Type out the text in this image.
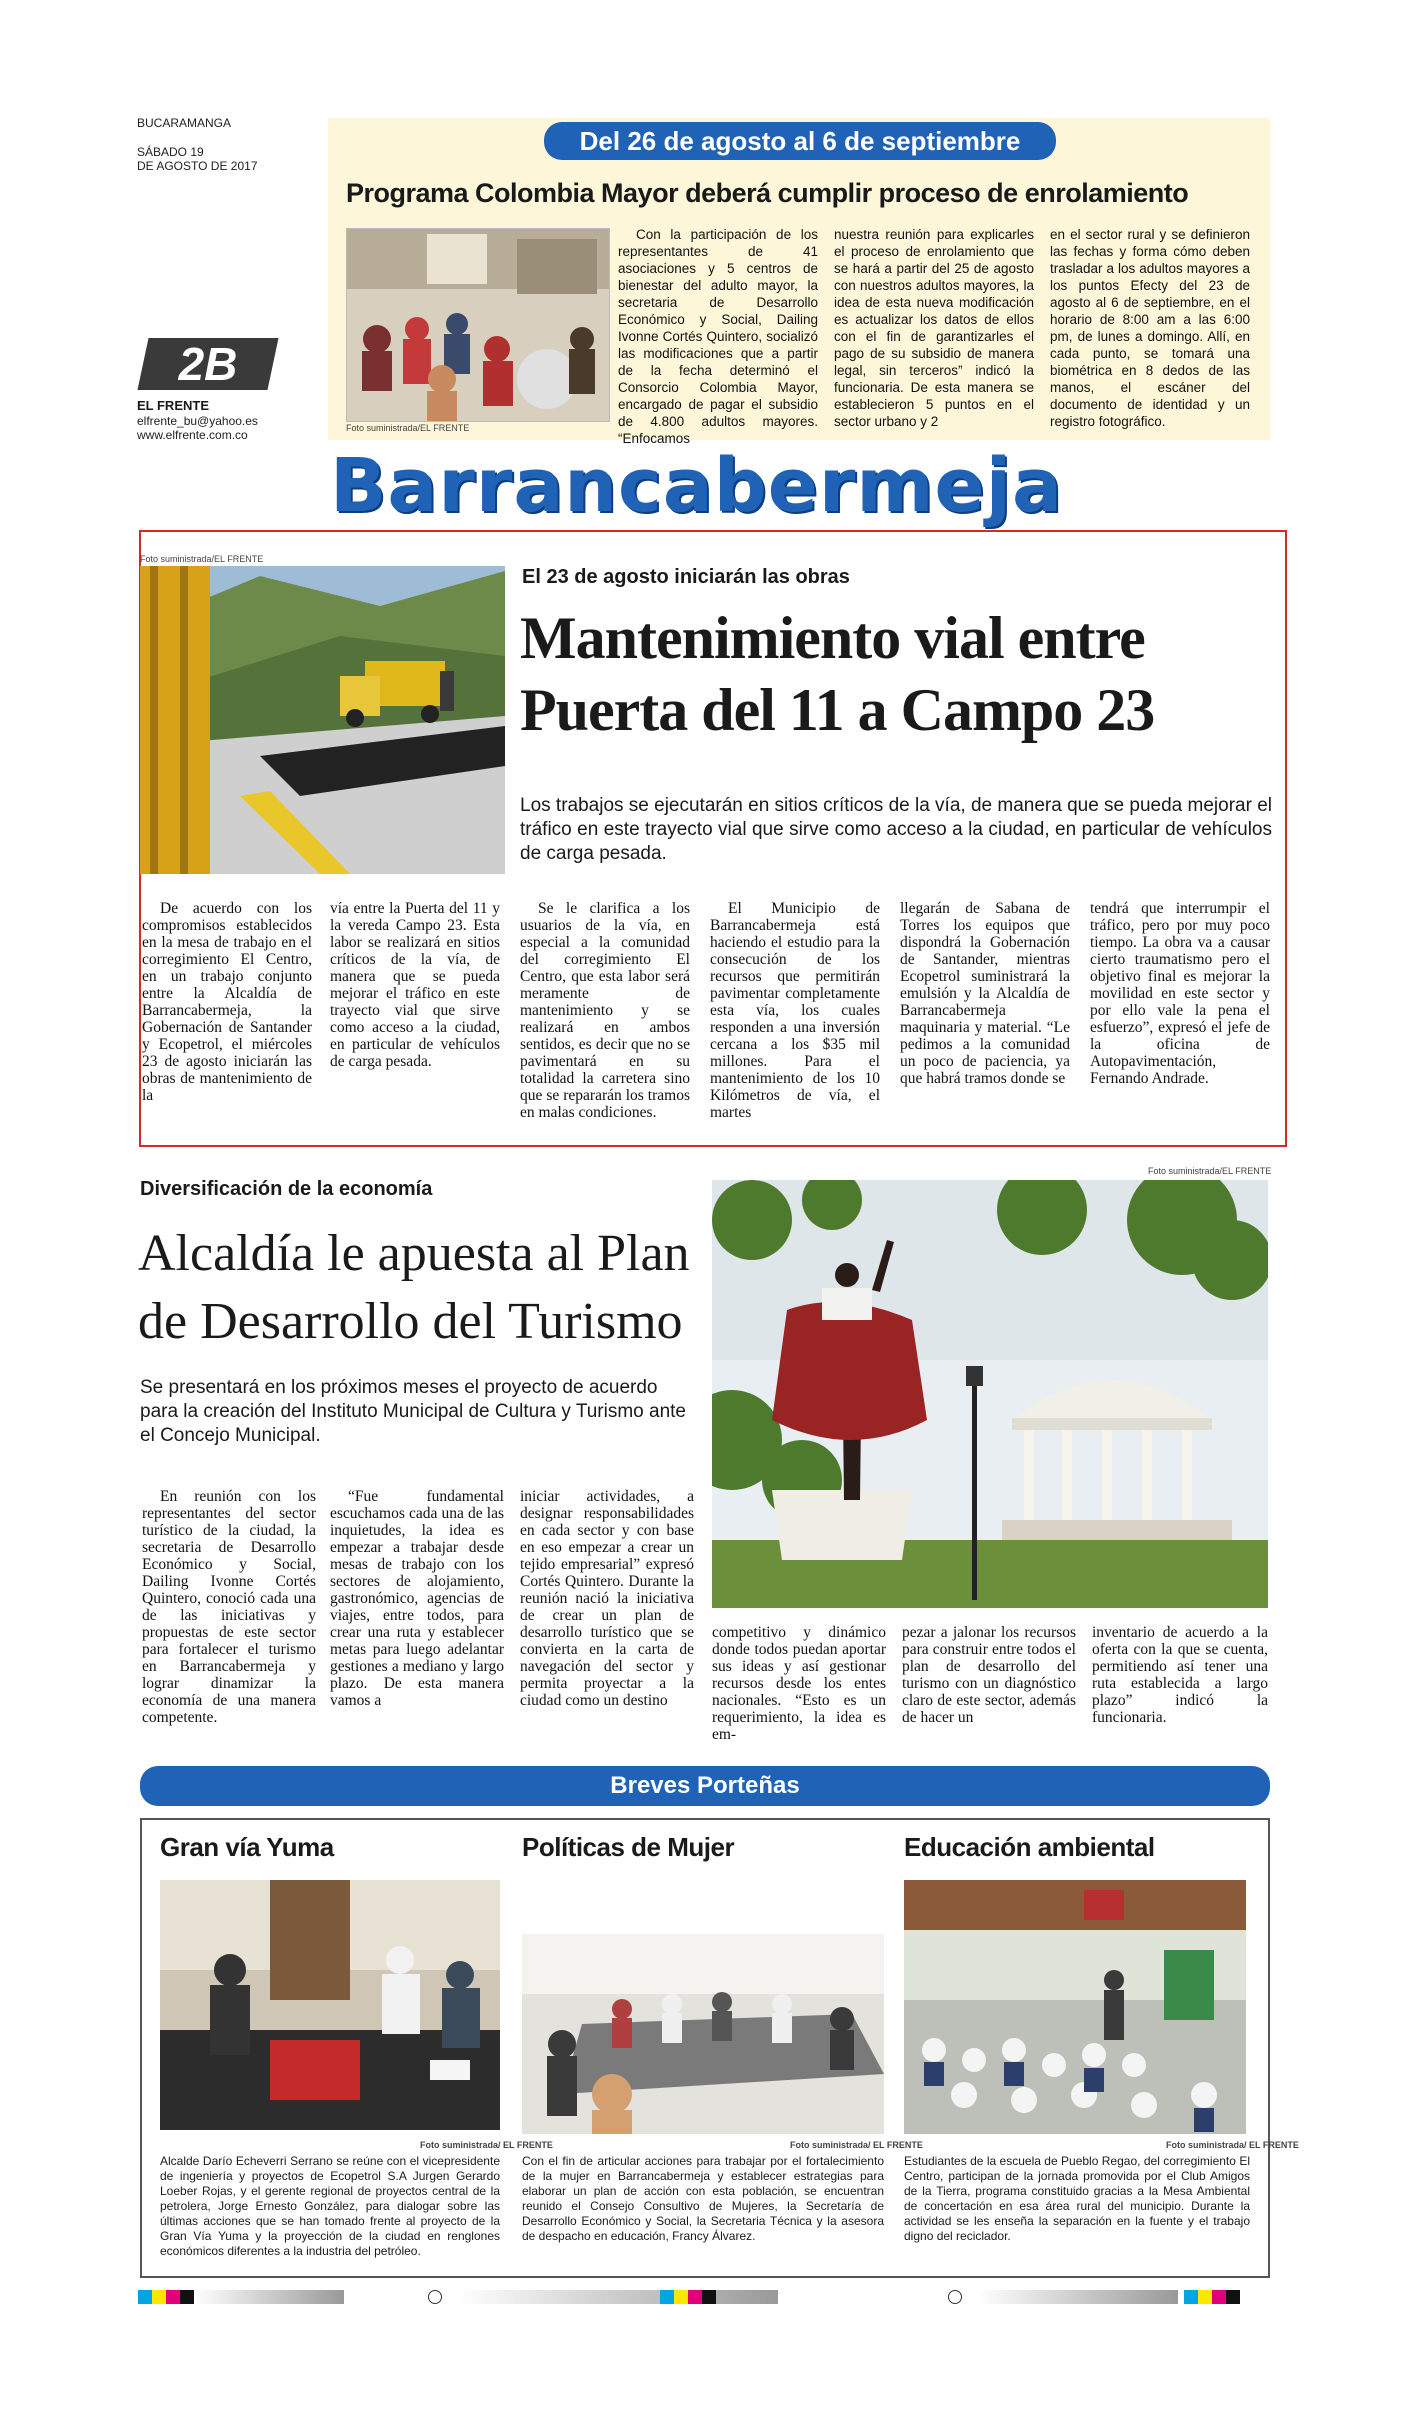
BUCARAMANGA
SÁBADO 19
DE AGOSTO DE 2017
2B
EL FRENTE
elfrente_bu@yahoo.es
www.elfrente.com.co
Del 26 de agosto al 6 de septiembre
Programa Colombia Mayor deberá cumplir proceso de enrolamiento
Foto suministrada/EL FRENTE

Con la participación de los representantes de 41 asociaciones y 5 centros de bienestar del adulto mayor, la secretaria de Desarrollo Económico y Social, Dailing Ivonne Cortés Quintero, socializó las modificaciones que a partir de la fecha determinó el Consorcio Colombia Mayor, encargado de pagar el subsidio de 4.800 adultos mayores. “Enfocamos

nuestra reunión para explicarles el proceso de enrolamiento que se hará a partir del 25 de agosto con nuestros adultos mayores, la idea de esta nueva modificación es actualizar los datos de ellos con el fin de garantizarles el pago de su subsidio de manera legal, sin terceros” indicó la funcionaria. De esta manera se establecieron 5 puntos en el sector urbano y 2

en el sector rural y se definieron las fechas y forma cómo deben trasladar a los adultos mayores a los puntos Efecty del 23 de agosto al 6 de septiembre, en el horario de 8:00 am a las 6:00 pm, de lunes a domingo. Allí, en cada punto, se tomará una biométrica en 8 dedos de las manos, el escáner del documento de identidad y un registro fotográfico.

Barrancabermeja
Foto suministrada/EL FRENTE
El 23 de agosto iniciarán las obras
Mantenimiento vial entre
Puerta del 11 a Campo 23
Los trabajos se ejecutarán en sitios críticos de la vía, de manera que se pueda mejorar el tráfico en este trayecto vial que sirve como acceso a la ciudad, en particular de vehículos de carga pesada.

De acuerdo con los compromisos establecidos en la mesa de trabajo en el corregimiento El Centro, en un trabajo conjunto entre la Alcaldía de Barrancabermeja, la Gobernación de Santander y Ecopetrol, el miércoles 23 de agosto iniciarán las obras de mantenimiento de la

vía entre la Puerta del 11 y la vereda Campo 23. Esta labor se realizará en sitios críticos de la vía, de manera que se pueda mejorar el tráfico en este trayecto vial que sirve como acceso a la ciudad, en particular de vehículos de carga pesada.

Se le clarifica a los usuarios de la vía, en especial a la comunidad del corregimiento El Centro, que esta labor será meramente de mantenimiento y se realizará en ambos sentidos, es decir que no se pavimentará en su totalidad la carretera sino que se repararán los tramos en malas condiciones.

El Municipio de Barrancabermeja está haciendo el estudio para la consecución de los recursos que permitirán pavimentar completamente esta vía, los cuales responden a una inversión cercana a los $35 mil millones. Para el mantenimiento de los 10 Kilómetros de vía, el martes

llegarán de Sabana de Torres los equipos que dispondrá la Gobernación de Santander, mientras Ecopetrol suministrará la emulsión y la Alcaldía de Barrancabermeja maquinaria y material. “Le pedimos a la comunidad un poco de paciencia, ya que habrá tramos donde se

tendrá que interrumpir el tráfico, pero por muy poco tiempo. La obra va a causar cierto traumatismo pero el objetivo final es mejorar la movilidad en este sector y por ello vale la pena el esfuerzo”, expresó el jefe de la oficina de Autopavimentación, Fernando Andrade.

Diversificación de la economía
Alcaldía le apuesta al Plan
de Desarrollo del Turismo
Se presentará en los próximos meses el proyecto de acuerdo para la creación del Instituto Municipal de Cultura y Turismo ante el Concejo Municipal.
Foto suministrada/EL FRENTE

En reunión con los representantes del sector turístico de la ciudad, la secretaria de Desarrollo Económico y Social, Dailing Ivonne Cortés Quintero, conoció cada una de las iniciativas y propuestas de este sector para fortalecer el turismo en Barrancabermeja y lograr dinamizar la economía de una manera competente.

“Fue fundamental escuchamos cada una de las inquietudes, la idea es empezar a trabajar desde mesas de trabajo con los sectores de alojamiento, gastronómico, agencias de viajes, entre todos, para crear una ruta y establecer metas para luego adelantar gestiones a mediano y largo plazo. De esta manera vamos a

iniciar actividades, a designar responsabilidades en cada sector y con base en eso empezar a crear un tejido empresarial” expresó Cortés Quintero. Durante la reunión nació la iniciativa de crear un plan de desarrollo turístico que se convierta en la carta de navegación del sector y permita proyectar a la ciudad como un destino

competitivo y dinámico donde todos puedan aportar sus ideas y así gestionar recursos desde los entes nacionales. “Esto es un requerimiento, la idea es em-

pezar a jalonar los recursos para construir entre todos el plan de desarrollo del turismo con un diagnóstico claro de este sector, además de hacer un

inventario de acuerdo a la oferta con la que se cuenta, permitiendo así tener una ruta establecida a largo plazo” indicó la funcionaria.

Breves Porteñas
Gran vía Yuma
Foto suministrada/ EL FRENTE
Alcalde Darío Echeverri Serrano se reúne con el vicepresidente de ingeniería y proyectos de Ecopetrol S.A Jurgen Gerardo Loeber Rojas, y el gerente regional de proyectos central de la petrolera, Jorge Ernesto González, para dialogar sobre las últimas acciones que se han tomado frente al proyecto de la Gran Vía Yuma y la proyección de la ciudad en renglones económicos diferentes a la industria del petróleo.
Políticas de Mujer
Foto suministrada/ EL FRENTE
Con el fin de articular acciones para trabajar por el fortalecimiento de la mujer en Barrancabermeja y establecer estrategias para elaborar un plan de acción con esta población, se encuentran reunido el Consejo Consultivo de Mujeres, la Secretaría de Desarrollo Económico y Social, la Secretaria Técnica y la asesora de despacho en educación, Francy Álvarez.
Educación ambiental
Foto suministrada/ EL FRENTE
Estudiantes de la escuela de Pueblo Regao, del corregimiento El Centro, participan de la jornada promovida por el Club Amigos de la Tierra, programa constituido gracias a la Mesa Ambiental de concertación en esa área rural del municipio. Durante la actividad se les enseña la separación en la fuente y el trabajo digno del reciclador.
